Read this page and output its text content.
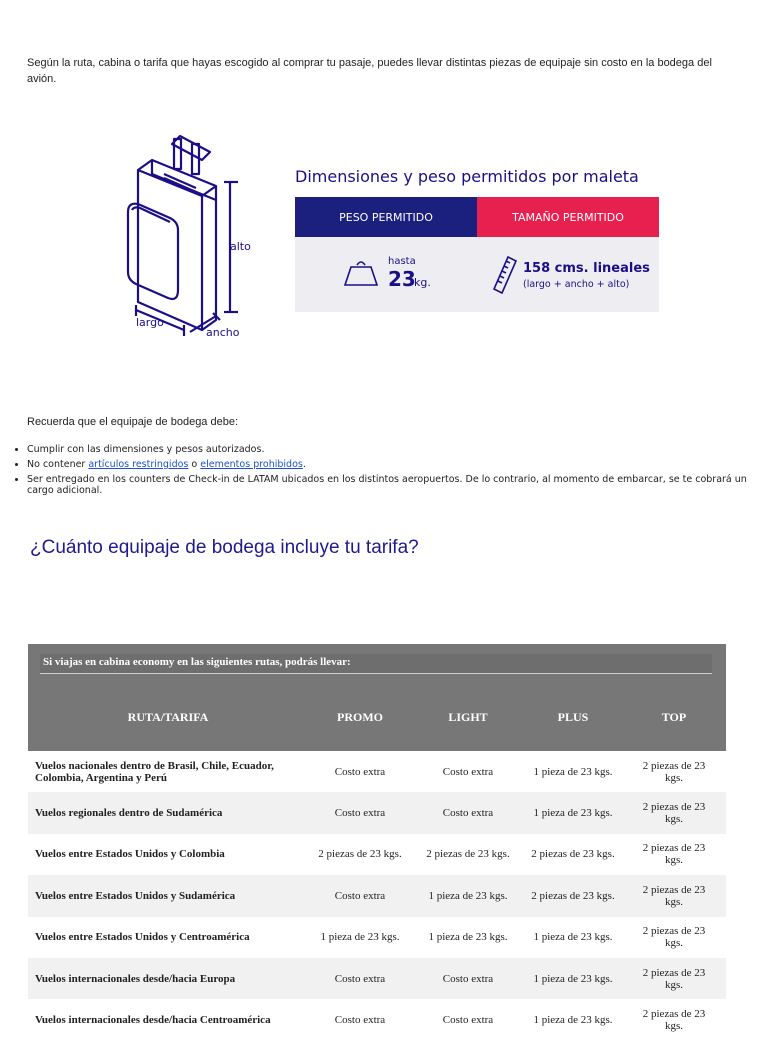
Según la ruta, cabina o tarifa que hayas escogido al comprar tu pasaje, puedes llevar distintas piezas de equipaje sin costo en la bodega del avión.

alto
largo
ancho
Dimensiones y peso permitidos por maleta
PESO PERMITIDO	TAMAÑO PERMITIDO
hasta
23
kg.
158 cms. lineales
(largo + ancho + alto)
Recuerda que el equipaje de bodega debe:
• Cumplir con las dimensiones y pesos autorizados.
• No contener artículos restringidos o elementos prohibidos.
• Ser entregado en los counters de Check-in de LATAM ubicados en los distintos aeropuertos. De lo contrario, al momento de embarcar, se te cobrará un cargo adicional.
¿Cuánto equipaje de bodega incluye tu tarifa?
Si viajas en cabina economy en las siguientes rutas, podrás llevar:
RUTA/TARIFA	PROMO	LIGHT	PLUS	TOP
Vuelos nacionales dentro de Brasil, Chile, Ecuador, Colombia, Argentina y Perú	Costo extra	Costo extra	1 pieza de 23 kgs.	2 piezas de 23 kgs.
Vuelos regionales dentro de Sudamérica	Costo extra	Costo extra	1 pieza de 23 kgs.	2 piezas de 23 kgs.
Vuelos entre Estados Unidos y Colombia	2 piezas de 23 kgs.	2 piezas de 23 kgs.	2 piezas de 23 kgs.	2 piezas de 23 kgs.
Vuelos entre Estados Unidos y Sudamérica	Costo extra	1 pieza de 23 kgs.	2 piezas de 23 kgs.	2 piezas de 23 kgs.
Vuelos entre Estados Unidos y Centroamérica	1 pieza de 23 kgs.	1 pieza de 23 kgs.	1 pieza de 23 kgs.	2 piezas de 23 kgs.
Vuelos internacionales desde/hacia Europa	Costo extra	Costo extra	1 pieza de 23 kgs.	2 piezas de 23 kgs.
Vuelos internacionales desde/hacia Centroamérica	Costo extra	Costo extra	1 pieza de 23 kgs.	2 piezas de 23 kgs.
